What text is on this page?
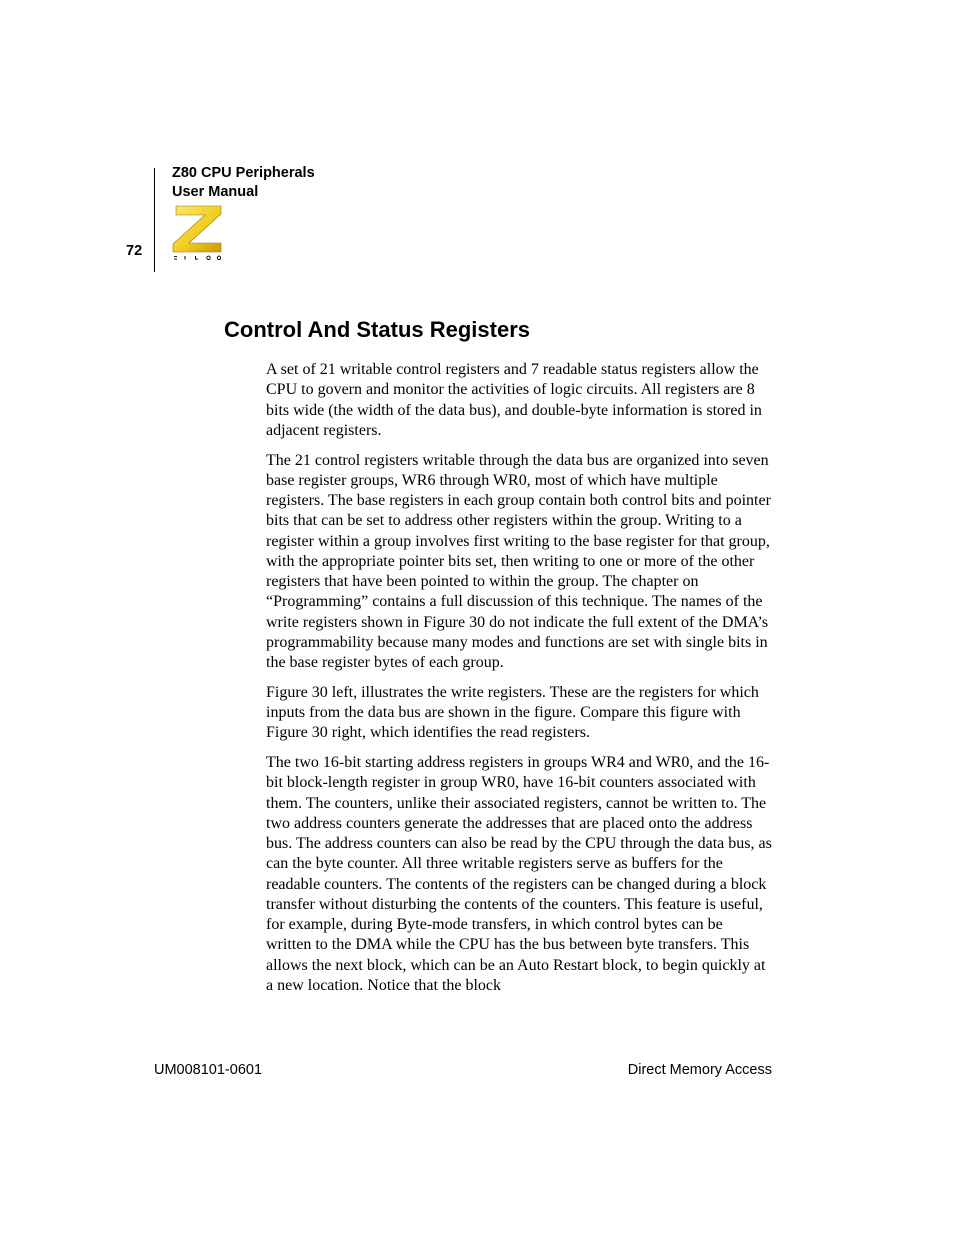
Z80 CPU Peripherals
User Manual
72
Control And Status Registers

A set of 21 writable control registers and 7 readable status registers allow the CPU to govern and monitor the activities of logic circuits. All registers are 8 bits wide (the width of the data bus), and double-byte information is stored in adjacent registers.

The 21 control registers writable through the data bus are organized into seven base register groups, WR6 through WR0, most of which have multiple registers. The base registers in each group contain both control bits and pointer bits that can be set to address other registers within the group. Writing to a register within a group involves first writing to the base register for that group, with the appropriate pointer bits set, then writing to one or more of the other registers that have been pointed to within the group. The chapter on “Programming” contains a full discussion of this technique. The names of the write registers shown in Figure 30 do not indicate the full extent of the DMA’s programmability because many modes and functions are set with single bits in the base register bytes of each group.

Figure 30 left, illustrates the write registers. These are the registers for which inputs from the data bus are shown in the figure. Compare this figure with Figure 30 right, which identifies the read registers.

The two 16-bit starting address registers in groups WR4 and WR0, and the 16-bit block-length register in group WR0, have 16-bit counters associated with them. The counters, unlike their associated registers, cannot be written to. The two address counters generate the addresses that are placed onto the address bus. The address counters can also be read by the CPU through the data bus, as can the byte counter. All three writable registers serve as buffers for the readable counters. The contents of the registers can be changed during a block transfer without disturbing the contents of the counters. This feature is useful, for example, during Byte-mode transfers, in which control bytes can be written to the DMA while the CPU has the bus between byte transfers. This allows the next block, which can be an Auto Restart block, to begin quickly at a new location. Notice that the block

UM008101-0601	Direct Memory Access
